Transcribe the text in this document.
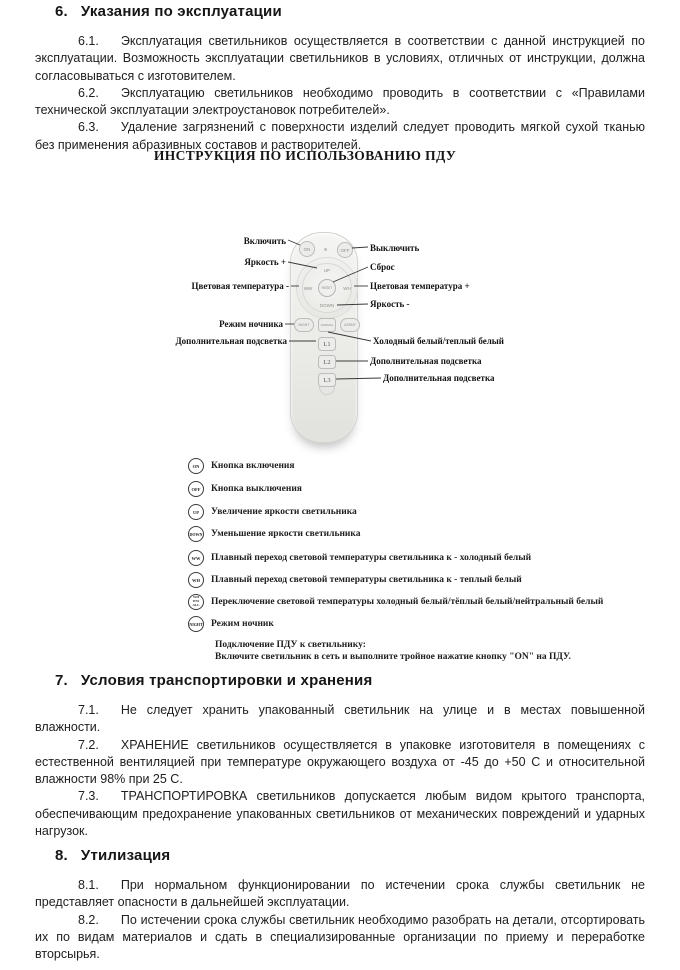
6. Указания по эксплуатации

6.1. Эксплуатация светильников осуществляется в соответствии с данной инструкцией по эксплуатации. Возможность эксплуатации светильников в условиях, отличных от инструкции, должна согласовываться с изготовителем.

6.2. Эксплуатацию светильников необходимо проводить в соответствии с «Правилами технической эксплуатации электроустановок потребителей».

6.3. Удаление загрязнений с поверхности изделий следует проводить мягкой сухой тканью без применения абразивных составов и растворителей.

ИНСТРУКЦИЯ ПО ИСПОЛЬЗОВАНИЮ ПДУ
ON	OFF
UP
WW	WH
DOWN
RESET
NIGHT	NORMAL	ASSNT
L1
L2
L3
Включить
Яркость +
Цветовая температура -
Режим ночника
Дополнительная подсветка
Выключить
Сброс
Цветовая температура +
Яркость -
Холодный белый/теплый белый
Дополнительная подсветка
Дополнительная подсветка
ON Кнопка включения
OFF Кнопка выключения
UP Увеличение яркости светильника
DOWN Уменьшение яркости светильника
WW Плавный переход световой температуры светильника к - холодный белый
WH Плавный переход световой температуры светильника к - теплый белый
WH
WW
ALL Переключение световой температуры холодный белый/тёплый белый/нейтральный белый
NIGHT Режим ночник
Подключение ПДУ к светильнику:
Включите светильник в сеть и выполните тройное нажатие кнопку "ON" на ПДУ.
7. Условия транспортировки и хранения

7.1. Не следует хранить упакованный светильник на улице и в местах повышенной влажности.

7.2. ХРАНЕНИЕ светильников осуществляется в упаковке изготовителя в помещениях с естественной вентиляцией при температуре окружающего воздуха от -45 до +50 С и относительной влажности 98% при 25 С.

7.3. ТРАНСПОРТИРОВКА светильников допускается любым видом крытого транспорта, обеспечивающим предохранение упакованных светильников от механических повреждений и ударных нагрузок.

8. Утилизация

8.1. При нормальном функционировании по истечении срока службы светильник не представляет опасности в дальнейшей эксплуатации.

8.2. По истечении срока службы светильник необходимо разобрать на детали, отсортировать их по видам материалов и сдать в специализированные организации по приему и переработке вторсырья.
